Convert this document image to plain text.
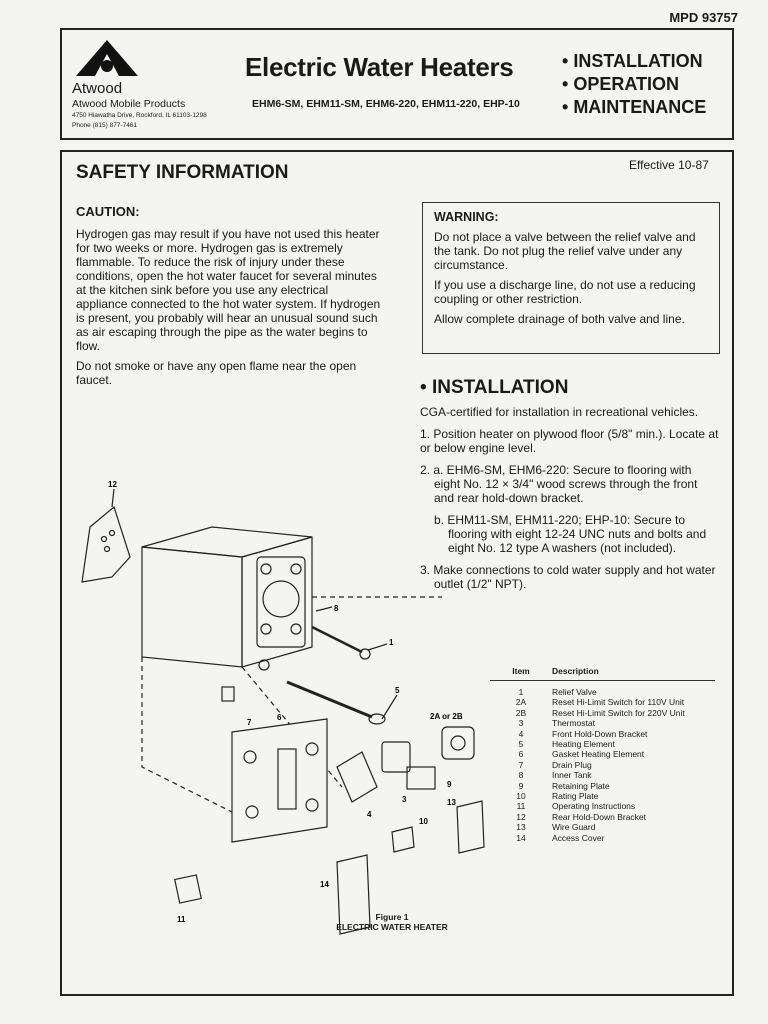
MPD 93757
Atwood
Atwood Mobile Products
4750 Hiawatha Drive, Rockford, IL 61103-1298
Phone (815) 877-7461
Electric Water Heaters
EHM6-SM, EHM11-SM, EHM6-220, EHM11-220, EHP-10
• INSTALLATION
• OPERATION
• MAINTENANCE
SAFETY INFORMATION	Effective 10-87
CAUTION:

Hydrogen gas may result if you have not used this heater for two weeks or more. Hydrogen gas is extremely flammable. To reduce the risk of injury under these conditions, open the hot water faucet for several minutes at the kitchen sink before you use any electrical appliance connected to the hot water system. If hydrogen is present, you probably will hear an unusual sound such as air escaping through the pipe as the water begins to flow.

Do not smoke or have any open flame near the open faucet.

WARNING:

Do not place a valve between the relief valve and the tank. Do not plug the relief valve under any circumstance.

If you use a discharge line, do not use a reducing coupling or other restriction.

Allow complete drainage of both valve and line.

• INSTALLATION

CGA-certified for installation in recreational vehicles.

1. Position heater on plywood floor (5/8" min.). Locate at or below engine level.
2. a. EHM6-SM, EHM6-220: Secure to flooring with eight No. 12 × 3/4" wood screws through the front and rear hold-down bracket.
b. EHM11-SM, EHM11-220; EHP-10: Secure to flooring with eight 12-24 UNC nuts and bolts and eight No. 12 type A washers (not included).
3. Make connections to cold water supply and hot water outlet (1/2" NPT).
12
8
1
5
2A or 2B
7
6
9
3	13
4
10
11
14
Item	Description
1	Relief Valve
2A	Reset Hi-Limit Switch for 110V Unit
2B	Reset Hi-Limit Switch for 220V Unit
3	Thermostat
4	Front Hold-Down Bracket
5	Heating Element
6	Gasket Heating Element
7	Drain Plug
8	Inner Tank
9	Retaining Plate
10	Rating Plate
11	Operating Instructions
12	Rear Hold-Down Bracket
13	Wire Guard
14	Access Cover
Figure 1
ELECTRIC WATER HEATER
